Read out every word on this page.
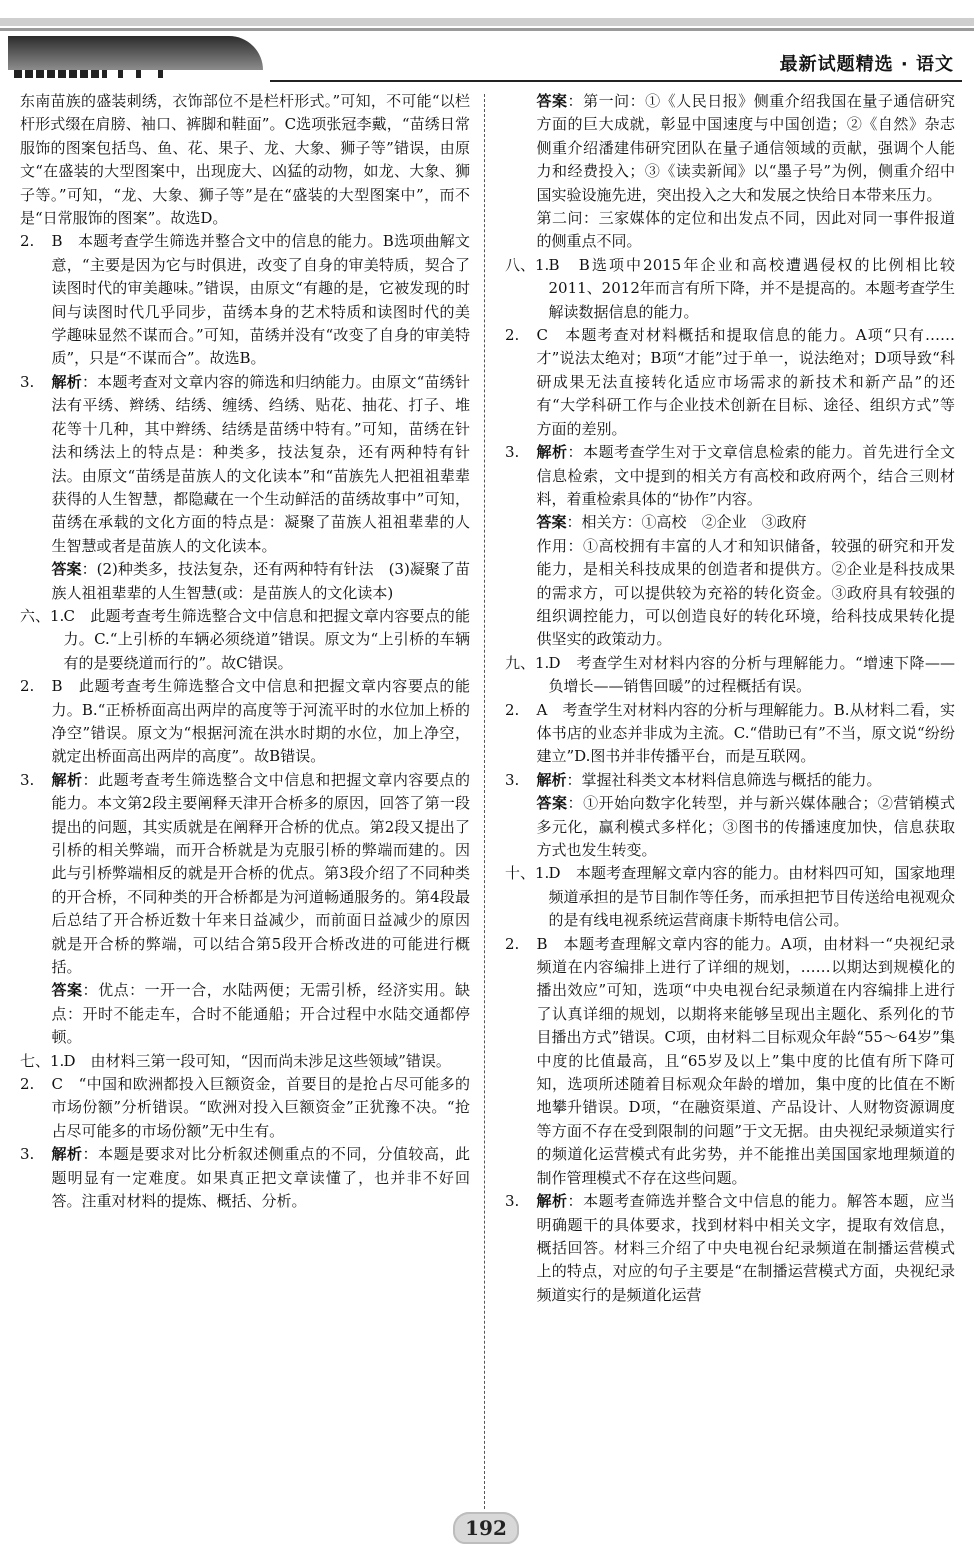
最新试题精选 · 语文

东南苗族的盛装刺绣，衣饰部位不是栏杆形式。”可知，不可能“以栏杆形式缀在肩膀、袖口、裤脚和鞋面”。C选项张冠李戴，“苗绣日常服饰的图案包括鸟、鱼、花、果子、龙、大象、狮子等”错误，由原文“在盛装的大型图案中，出现庞大、凶猛的动物，如龙、大象、狮子等。”可知，“龙、大象、狮子等”是在“盛装的大型图案中”，而不是“日常服饰的图案”。故选D。

2. B　本题考查学生筛选并整合文中的信息的能力。B选项曲解文意，“主要是因为它与时俱进，改变了自身的审美特质，契合了读图时代的审美趣味。”错误，由原文“有趣的是，它被发现的时间与读图时代几乎同步，苗绣本身的艺术特质和读图时代的美学趣味显然不谋而合。”可知，苗绣并没有“改变了自身的审美特质”，只是“不谋而合”。故选B。

3. 解析：本题考查对文章内容的筛选和归纳能力。由原文“苗绣针法有平绣、辫绣、结绣、缠绣、绉绣、贴花、抽花、打子、堆花等十几种，其中辫绣、结绣是苗绣中特有。”可知，苗绣在针法和绣法上的特点是：种类多，技法复杂，还有两种特有针法。由原文“苗绣是苗族人的文化读本”和“苗族先人把祖祖辈辈获得的人生智慧，都隐藏在一个生动鲜活的苗绣故事中”可知，苗绣在承载的文化方面的特点是：凝聚了苗族人祖祖辈辈的人生智慧或者是苗族人的文化读本。

答案：(2)种类多，技法复杂，还有两种特有针法　(3)凝聚了苗族人祖祖辈辈的人生智慧(或：是苗族人的文化读本)

六、1. C　此题考查考生筛选整合文中信息和把握文章内容要点的能力。C.“上引桥的车辆必须绕道”错误。原文为“上引桥的车辆有的是要绕道而行的”。故C错误。

2. B　此题考查考生筛选整合文中信息和把握文章内容要点的能力。B.“正桥桥面高出两岸的高度等于河流平时的水位加上桥的净空”错误。原文为“根据河流在洪水时期的水位，加上净空，就定出桥面高出两岸的高度”。故B错误。

3. 解析：此题考查考生筛选整合文中信息和把握文章内容要点的能力。本文第2段主要阐释天津开合桥多的原因，回答了第一段提出的问题，其实质就是在阐释开合桥的优点。第2段又提出了引桥的相关弊端，而开合桥就是为克服引桥的弊端而建的。因此与引桥弊端相反的就是开合桥的优点。第3段介绍了不同种类的开合桥，不同种类的开合桥都是为河道畅通服务的。第4段最后总结了开合桥近数十年来日益减少，而前面日益减少的原因就是开合桥的弊端，可以结合第5段开合桥改进的可能进行概括。

答案：优点：一开一合，水陆两便；无需引桥，经济实用。缺点：开时不能走车，合时不能通船；开合过程中水陆交通都停顿。

七、1. D　由材料三第一段可知，“因而尚未涉足这些领域”错误。

2. C　“中国和欧洲都投入巨额资金，首要目的是抢占尽可能多的市场份额”分析错误。“欧洲对投入巨额资金”正犹豫不决。“抢占尽可能多的市场份额”无中生有。

3. 解析：本题是要求对比分析叙述侧重点的不同，分值较高，此题明显有一定难度。如果真正把文章读懂了，也并非不好回答。注重对材料的提炼、概括、分析。

答案：第一问：①《人民日报》侧重介绍我国在量子通信研究方面的巨大成就，彰显中国速度与中国创造；②《自然》杂志侧重介绍潘建伟研究团队在量子通信领域的贡献，强调个人能力和经费投入；③《读卖新闻》以“墨子号”为例，侧重介绍中国实验设施先进，突出投入之大和发展之快给日本带来压力。

第二问：三家媒体的定位和出发点不同，因此对同一事件报道的侧重点不同。

八、1. B　B选项中2015年企业和高校遭遇侵权的比例相比较2011、2012年而言有所下降，并不是提高的。本题考查学生解读数据信息的能力。

2. C　本题考查对材料概括和提取信息的能力。A项“只有……才”说法太绝对；B项“才能”过于单一，说法绝对；D项导致“科研成果无法直接转化适应市场需求的新技术和新产品”的还有“大学科研工作与企业技术创新在目标、途径、组织方式”等方面的差别。

3. 解析：本题考查学生对于文章信息检索的能力。首先进行全文信息检索，文中提到的相关方有高校和政府两个，结合三则材料，着重检索具体的“协作”内容。

答案：相关方：①高校　②企业　③政府

作用：①高校拥有丰富的人才和知识储备，较强的研究和开发能力，是相关科技成果的创造者和提供方。②企业是科技成果的需求方，可以提供较为充裕的转化资金。③政府具有较强的组织调控能力，可以创造良好的转化环境，给科技成果转化提供坚实的政策动力。

九、1. D　考查学生对材料内容的分析与理解能力。“增速下降——负增长——销售回暖”的过程概括有误。

2. A　考查学生对材料内容的分析与理解能力。B.从材料二看，实体书店的业态并非成为主流。C.“借助已有”不当，原文说“纷纷建立”D.图书并非传播平台，而是互联网。

3. 解析：掌握社科类文本材料信息筛选与概括的能力。

答案：①开始向数字化转型，并与新兴媒体融合；②营销模式多元化，赢利模式多样化；③图书的传播速度加快，信息获取方式也发生转变。

十、1. D　本题考查理解文章内容的能力。由材料四可知，国家地理频道承担的是节目制作等任务，而承担把节目传送给电视观众的是有线电视系统运营商康卡斯特电信公司。

2. B　本题考查理解文章内容的能力。A项，由材料一“央视纪录频道在内容编排上进行了详细的规划，……以期达到规模化的播出效应”可知，选项“中央电视台纪录频道在内容编排上进行了认真详细的规划，以期将来能够呈现出主题化、系列化的节目播出方式”错误。C项，由材料二目标观众年龄“55～64岁”集中度的比值最高，且“65岁及以上”集中度的比值有所下降可知，选项所述随着目标观众年龄的增加，集中度的比值在不断地攀升错误。D项，“在融资渠道、产品设计、人财物资源调度等方面不存在受到限制的问题”于文无据。由央视纪录频道实行的频道化运营模式有此劣势，并不能推出美国国家地理频道的制作管理模式不存在这些问题。

3. 解析：本题考查筛选并整合文中信息的能力。解答本题，应当明确题干的具体要求，找到材料中相关文字，提取有效信息，概括回答。材料三介绍了中央电视台纪录频道在制播运营模式上的特点，对应的句子主要是“在制播运营模式方面，央视纪录频道实行的是频道化运营

192
